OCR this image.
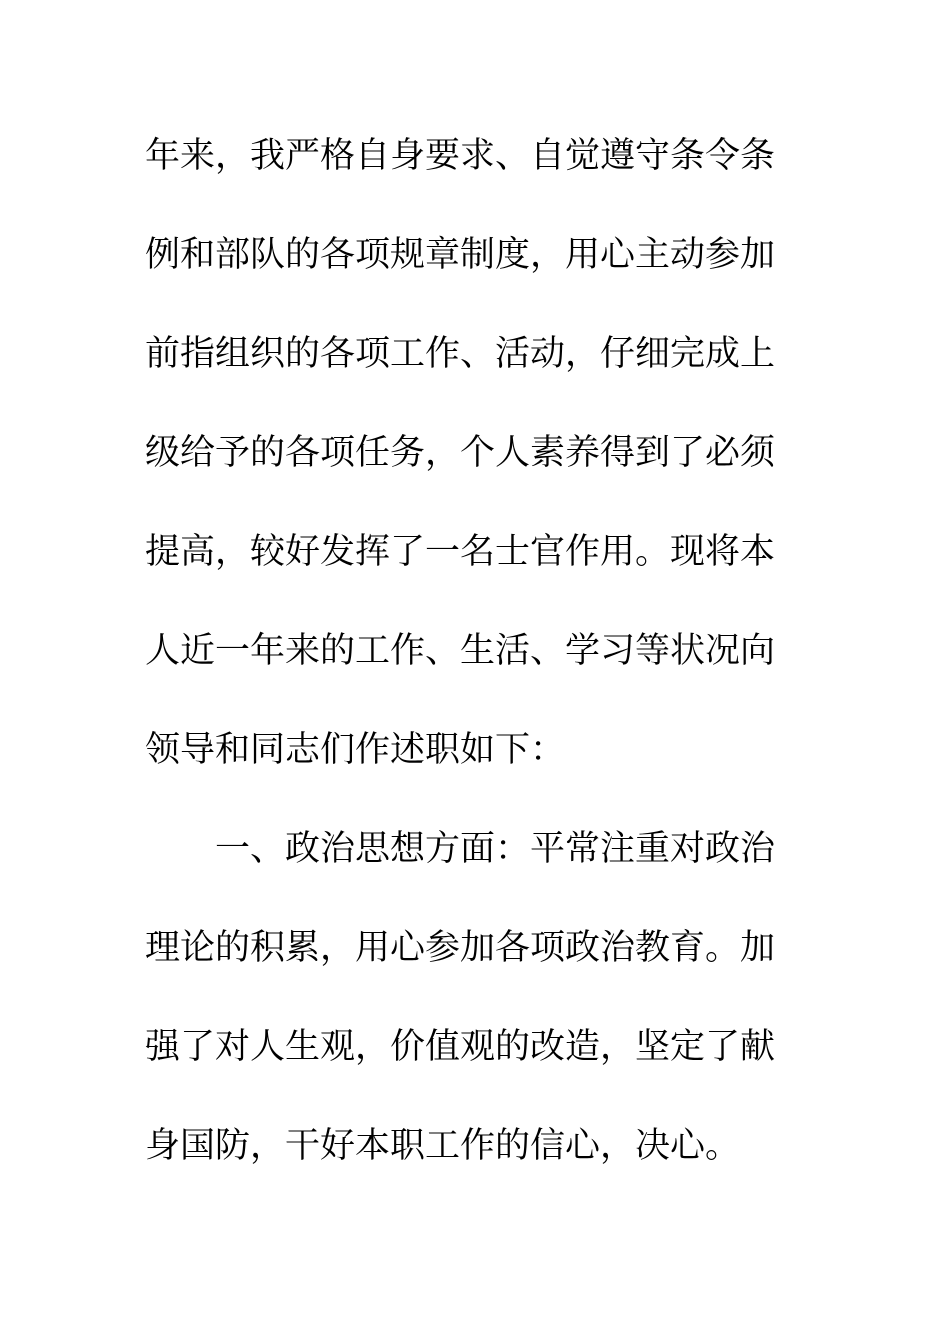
年来，我严格自身要求、自觉遵守条令条
例和部队的各项规章制度，用心主动参加
前指组织的各项工作、活动，仔细完成上
级给予的各项任务，个人素养得到了必须
提高，较好发挥了一名士官作用。现将本
人近一年来的工作、生活、学习等状况向
领导和同志们作述职如下：
一、政治思想方面：平常注重对政治
理论的积累，用心参加各项政治教育。加
强了对人生观，价值观的改造，坚定了献
身国防，干好本职工作的信心，决心。
